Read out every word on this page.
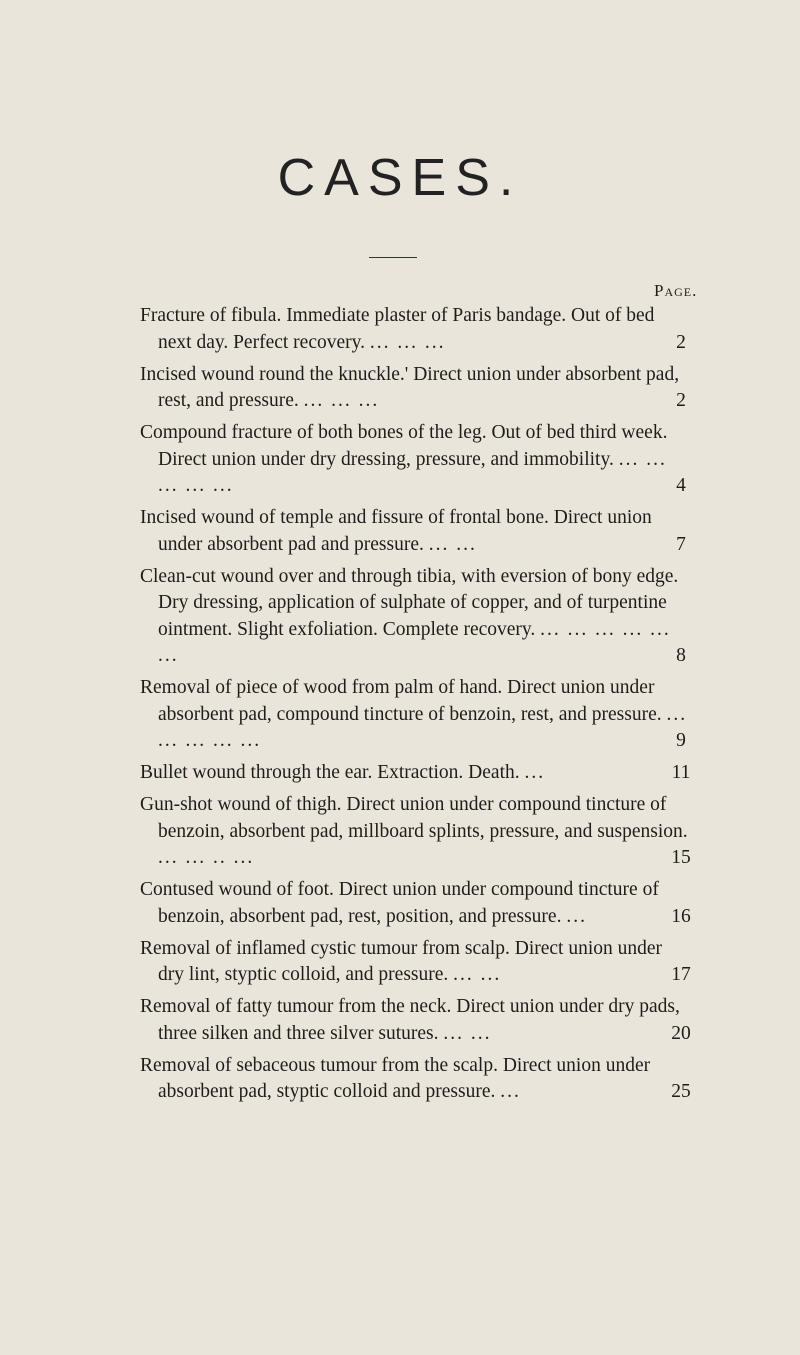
CASES.
Page.
Fracture of fibula. Immediate plaster of Paris bandage. Out of bed next day. Perfect recovery. ... ... ...	2
Incised wound round the knuckle.' Direct union under absorbent pad, rest, and pressure. ... ... ...	2
Compound fracture of both bones of the leg. Out of bed third week. Direct union under dry dressing, pressure, and immobility. ... ... ... ... ...	4
Incised wound of temple and fissure of frontal bone. Direct union under absorbent pad and pressure. ... ...	7
Clean-cut wound over and through tibia, with eversion of bony edge. Dry dressing, application of sulphate of copper, and of turpentine ointment. Slight exfoliation. Complete recovery. ... ... ... ... ... ...	8
Removal of piece of wood from palm of hand. Direct union under absorbent pad, compound tincture of benzoin, rest, and pressure. ... ... ... ... ...	9
Bullet wound through the ear. Extraction. Death. ...	11
Gun-shot wound of thigh. Direct union under compound tincture of benzoin, absorbent pad, millboard splints, pressure, and suspension. ... ... .. ...	15
Contused wound of foot. Direct union under compound tincture of benzoin, absorbent pad, rest, position, and pressure. ...	16
Removal of inflamed cystic tumour from scalp. Direct union under dry lint, styptic colloid, and pressure. ... ...	17
Removal of fatty tumour from the neck. Direct union under dry pads, three silken and three silver sutures. ... ...	20
Removal of sebaceous tumour from the scalp. Direct union under absorbent pad, styptic colloid and pressure. ...	25
